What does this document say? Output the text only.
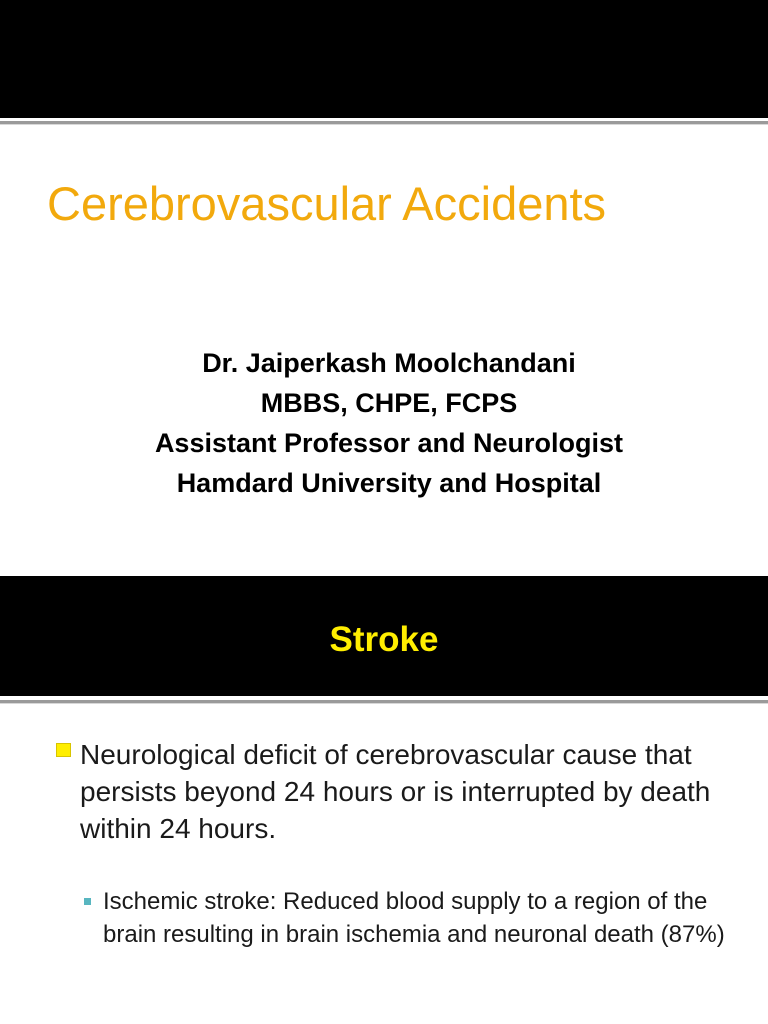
Cerebrovascular Accidents
Dr. Jaiperkash Moolchandani
MBBS, CHPE, FCPS
Assistant Professor and Neurologist
Hamdard University and Hospital
Stroke
Neurological deficit of cerebrovascular cause that persists beyond 24 hours or is interrupted by death within 24 hours.
Ischemic stroke: Reduced blood supply to a region of the brain resulting in brain ischemia and neuronal death (87%)
